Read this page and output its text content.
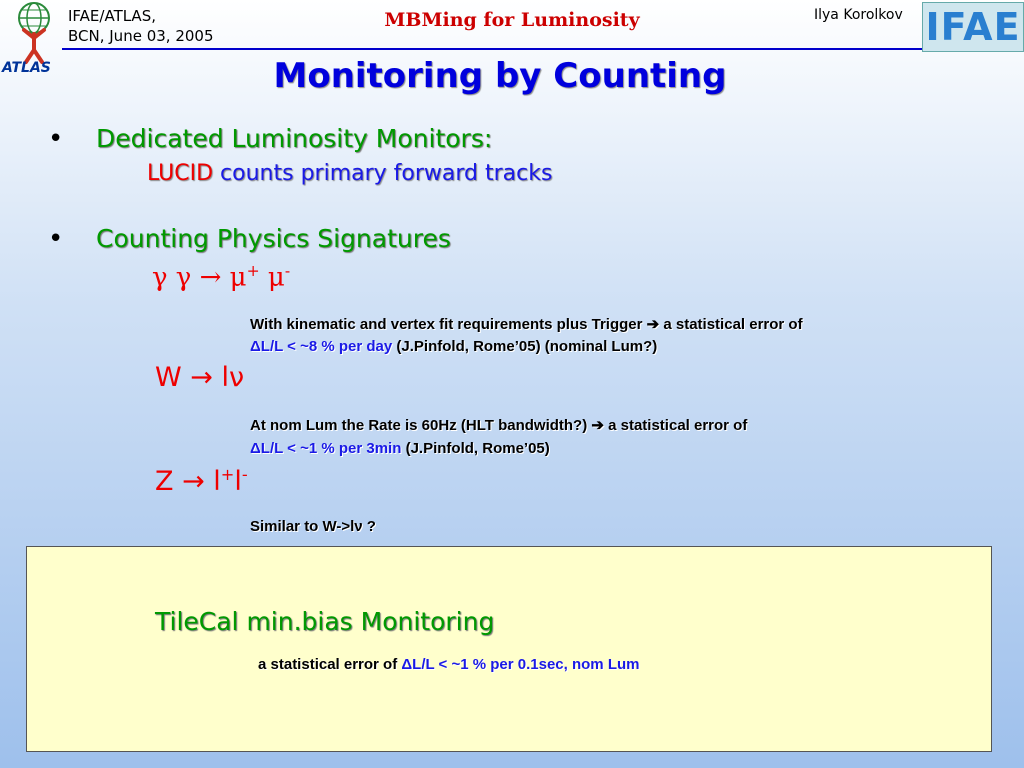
ATLAS
IFAE/ATLAS,
BCN, June 03, 2005
MBMing for Luminosity	Ilya Korolkov IFAE
Monitoring by Counting
• Dedicated Luminosity Monitors:
LUCID counts primary forward tracks
• Counting Physics Signatures
γ γ → μ+ μ-
With kinematic and vertex fit requirements plus Trigger ➔ a statistical error of
ΔL/L < ~8 % per day (J.Pinfold, Rome’05) (nominal Lum?)
W → lν
At nom Lum the Rate is 60Hz (HLT bandwidth?) ➔ a statistical error of
ΔL/L < ~1 % per 3min (J.Pinfold, Rome’05)
Z → l+l-
Similar to W->lν ?
TileCal min.bias Monitoring
a statistical error of ΔL/L < ~1 % per 0.1sec, nom Lum
